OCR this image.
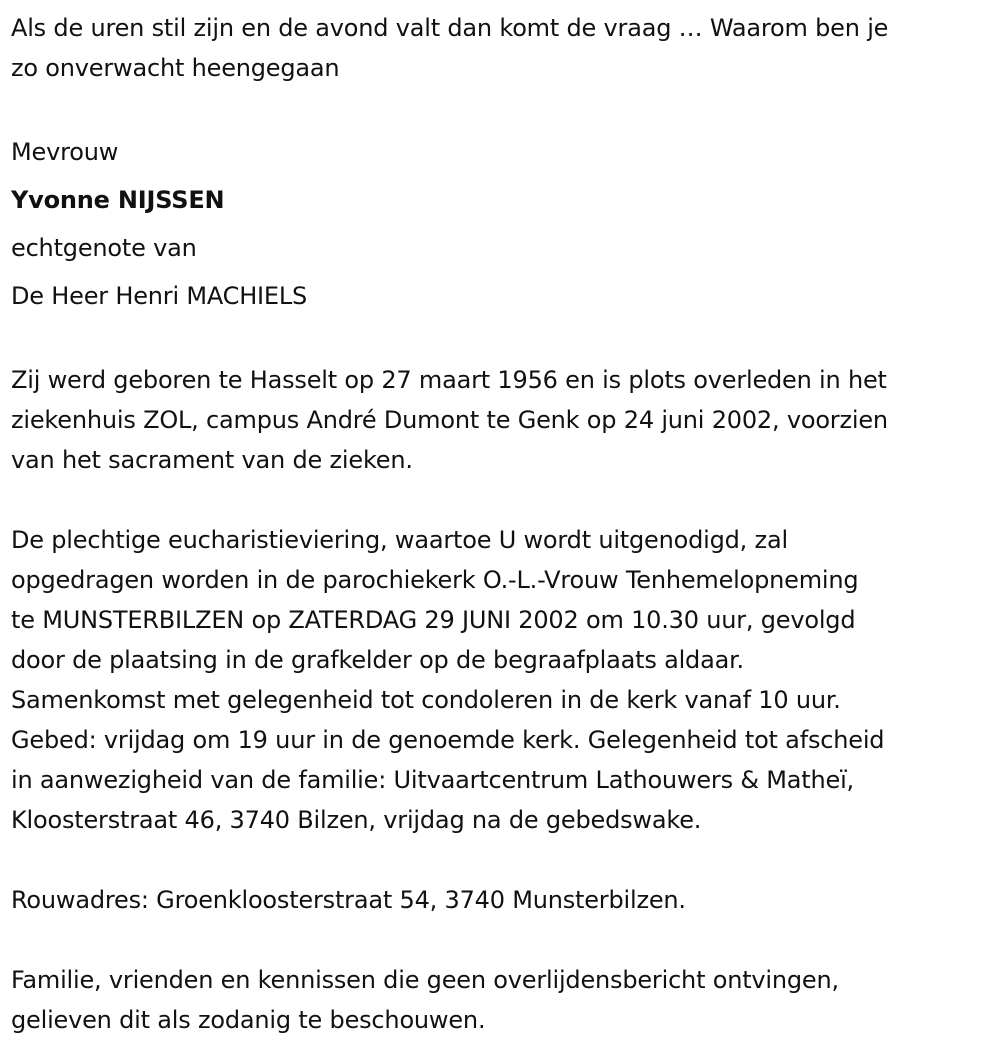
Als de uren stil zijn en de avond valt dan komt de vraag … Waarom ben je

zo onverwacht heengegaan

Mevrouw

Yvonne NIJSSEN

echtgenote van

De Heer Henri MACHIELS

Zij werd geboren te Hasselt op 27 maart 1956 en is plots overleden in het

ziekenhuis ZOL, campus André Dumont te Genk op 24 juni 2002, voorzien

van het sacrament van de zieken.

De plechtige eucharistieviering, waartoe U wordt uitgenodigd, zal

opgedragen worden in de parochiekerk O.-L.-Vrouw Tenhemelopneming

te MUNSTERBILZEN op ZATERDAG 29 JUNI 2002 om 10.30 uur, gevolgd

door de plaatsing in de grafkelder op de begraafplaats aldaar.

Samenkomst met gelegenheid tot condoleren in de kerk vanaf 10 uur.

Gebed: vrijdag om 19 uur in de genoemde kerk. Gelegenheid tot afscheid

in aanwezigheid van de familie: Uitvaartcentrum Lathouwers & Matheï,

Kloosterstraat 46, 3740 Bilzen, vrijdag na de gebedswake.

Rouwadres: Groenkloosterstraat 54, 3740 Munsterbilzen.

Familie, vrienden en kennissen die geen overlijdensbericht ontvingen,

gelieven dit als zodanig te beschouwen.
